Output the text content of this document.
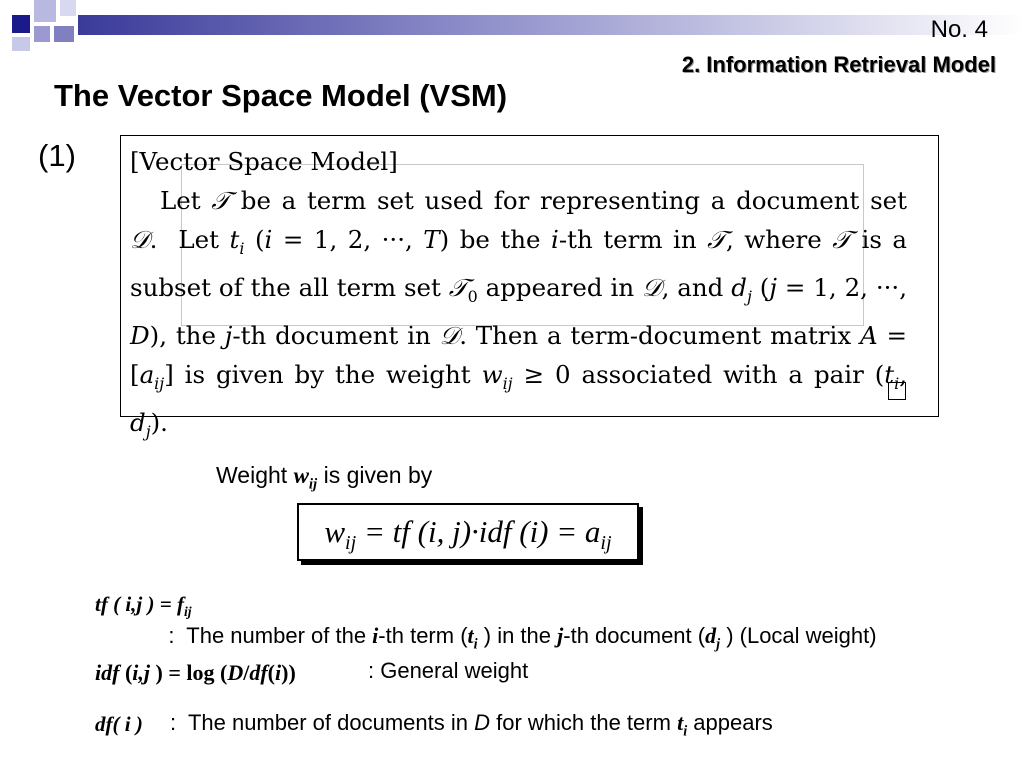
No. 4
2. Information Retrieval Model
The Vector Space Model (VSM)
(1) [Vector Space Model]

Let 𝒯 be a term set used for representing a document set 𝒟.  Let $t_i$ (i = 1, 2, ···, T) be the i-th term in 𝒯, where 𝒯 is a subset of the all term set 𝒯$_0$ appeared in 𝒟, and $d_j$ (j = 1, 2, ···, D), the j-th document in 𝒟. Then a term-document matrix $A = [a_{ij}]$ is given by the weight $w_{ij} \ge 0$ associated with a pair ($t_i$, $d_j$).

Weight $w_{ij}$ is given by
$w_{ij}$ = tf (i, j)·idf $(i) = a_{ij}$
tf ( i,j ) = $f_{ij}$
:  The number of the i-th term ($t_i$ ) in the j-th document ($d_j$ ) (Local weight)
idf (i,j ) = log (D/df(i))	: General weight
df( i ) :  The number of documents in D for which the term $t_i$ appears
